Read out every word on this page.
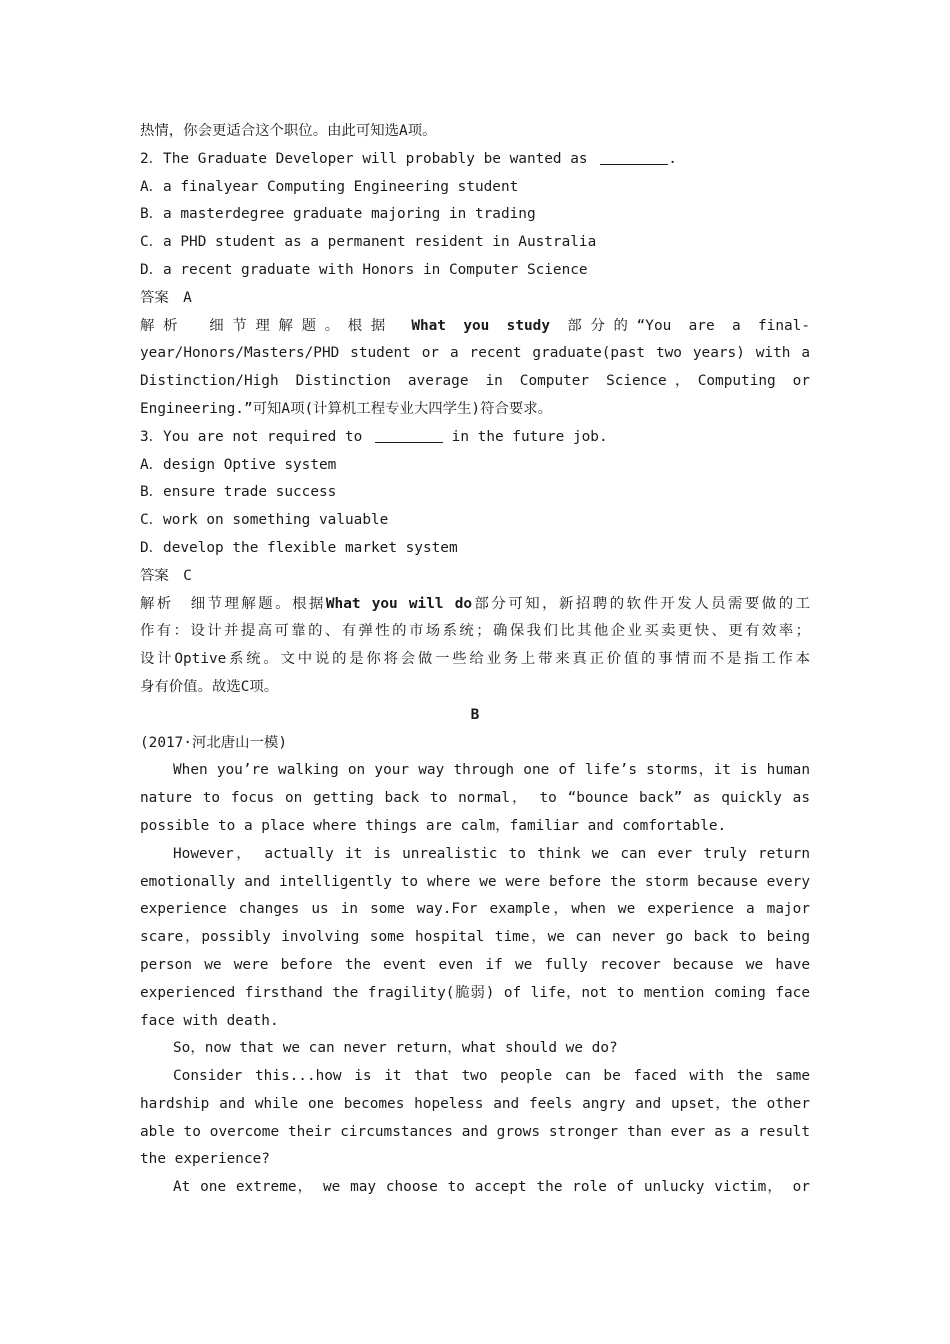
热情，你会更适合这个职位。由此可知选A项。
2．The Graduate Developer will probably be wanted as	.
A．a finalyear Computing Engineering student
B．a masterdegree graduate majoring in trading
C．a PHD student as a permanent resident in Australia
D．a recent graduate with Honors in Computer Science
答案　A
解析　细节理解题。根据 What you study 部分的“You are a final-
year/Honors/Masters/PHD student or a recent graduate(past two years) with a
Distinction/High Distinction average in Computer Science，Computing or
Engineering.”可知A项(计算机工程专业大四学生)符合要求。
3．You are not required to	in the future job.
A．design Optive system
B．ensure trade success
C．work on something valuable
D．develop the flexible market system
答案　C
解析　细节理解题。根据What you will do部分可知，新招聘的软件开发人员需要做的工
作有：设计并提高可靠的、有弹性的市场系统；确保我们比其他企业买卖更快、更有效率；
设计Optive系统。文中说的是你将会做一些给业务上带来真正价值的事情而不是指工作本
身有价值。故选C项。
B
(2017·河北唐山一模)
When you’re walking on your way through one of life’s storms，it is human
nature to focus on getting back to normal， to “bounce back” as quickly as
possible to a place where things are calm，familiar and comfortable.
However， actually it is unrealistic to think we can ever truly return
emotionally and intelligently to where we were before the storm because every
experience changes us in some way.For example，when we experience a major
scare，possibly involving some hospital time，we can never go back to being
person we were before the event even if we fully recover because we have
experienced firsthand the fragility(脆弱) of life，not to mention coming face
face with death.
So，now that we can never return，what should we do?
Consider this...how is it that two people can be faced with the same
hardship and while one becomes hopeless and feels angry and upset，the other
able to overcome their circumstances and grows stronger than ever as a result
the experience?
At one extreme， we may choose to accept the role of unlucky victim， or
